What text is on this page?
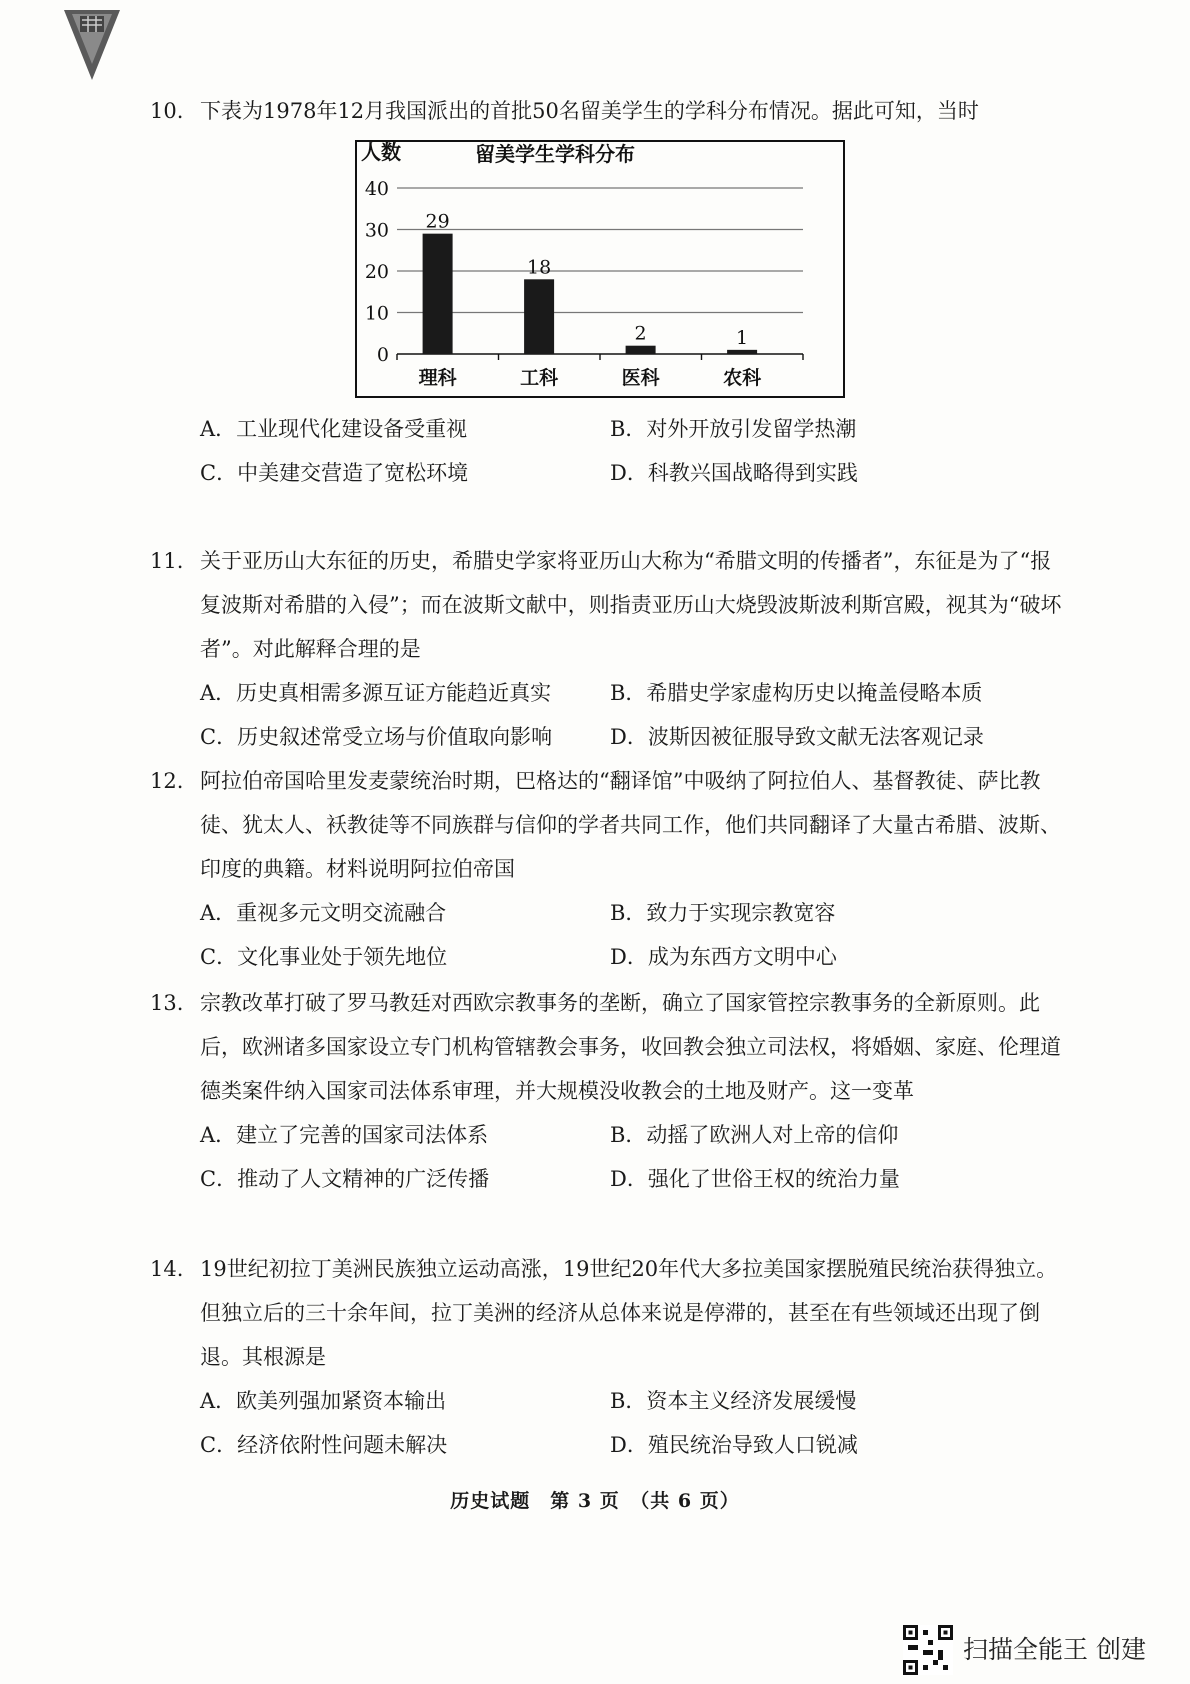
10. 下表为1978年12月我国派出的首批50名留美学生的学科分布情况。据此可知，当时
A．工业现代化建设备受重视	B．对外开放引发留学热潮
C．中美建交营造了宽松环境	D．科教兴国战略得到实践
11. 关于亚历山大东征的历史，希腊史学家将亚历山大称为“希腊文明的传播者”，东征是为了“报复波斯对希腊的入侵”；而在波斯文献中，则指责亚历山大烧毁波斯波利斯宫殿，视其为“破坏者”。对此解释合理的是
A．历史真相需多源互证方能趋近真实	B．希腊史学家虚构历史以掩盖侵略本质
C．历史叙述常受立场与价值取向影响	D．波斯因被征服导致文献无法客观记录
12. 阿拉伯帝国哈里发麦蒙统治时期，巴格达的“翻译馆”中吸纳了阿拉伯人、基督教徒、萨比教徒、犹太人、袄教徒等不同族群与信仰的学者共同工作，他们共同翻译了大量古希腊、波斯、印度的典籍。材料说明阿拉伯帝国
A．重视多元文明交流融合	B．致力于实现宗教宽容
C．文化事业处于领先地位	D．成为东西方文明中心
13. 宗教改革打破了罗马教廷对西欧宗教事务的垄断，确立了国家管控宗教事务的全新原则。此后，欧洲诸多国家设立专门机构管辖教会事务，收回教会独立司法权，将婚姻、家庭、伦理道德类案件纳入国家司法体系审理，并大规模没收教会的土地及财产。这一变革
A．建立了完善的国家司法体系	B．动摇了欧洲人对上帝的信仰
C．推动了人文精神的广泛传播	D．强化了世俗王权的统治力量
14. 19世纪初拉丁美洲民族独立运动高涨，19世纪20年代大多拉美国家摆脱殖民统治获得独立。但独立后的三十余年间，拉丁美洲的经济从总体来说是停滞的，甚至在有些领域还出现了倒退。其根源是
A．欧美列强加紧资本输出	B．资本主义经济发展缓慢
C．经济依附性问题未解决	D．殖民统治导致人口锐减
留美学生学科分布
人数
0
10
20
30
40
29
理科
18
工科
2
医科
1
农科
历史试题　第 3 页　（共 6 页）
扫描全能王 创建
